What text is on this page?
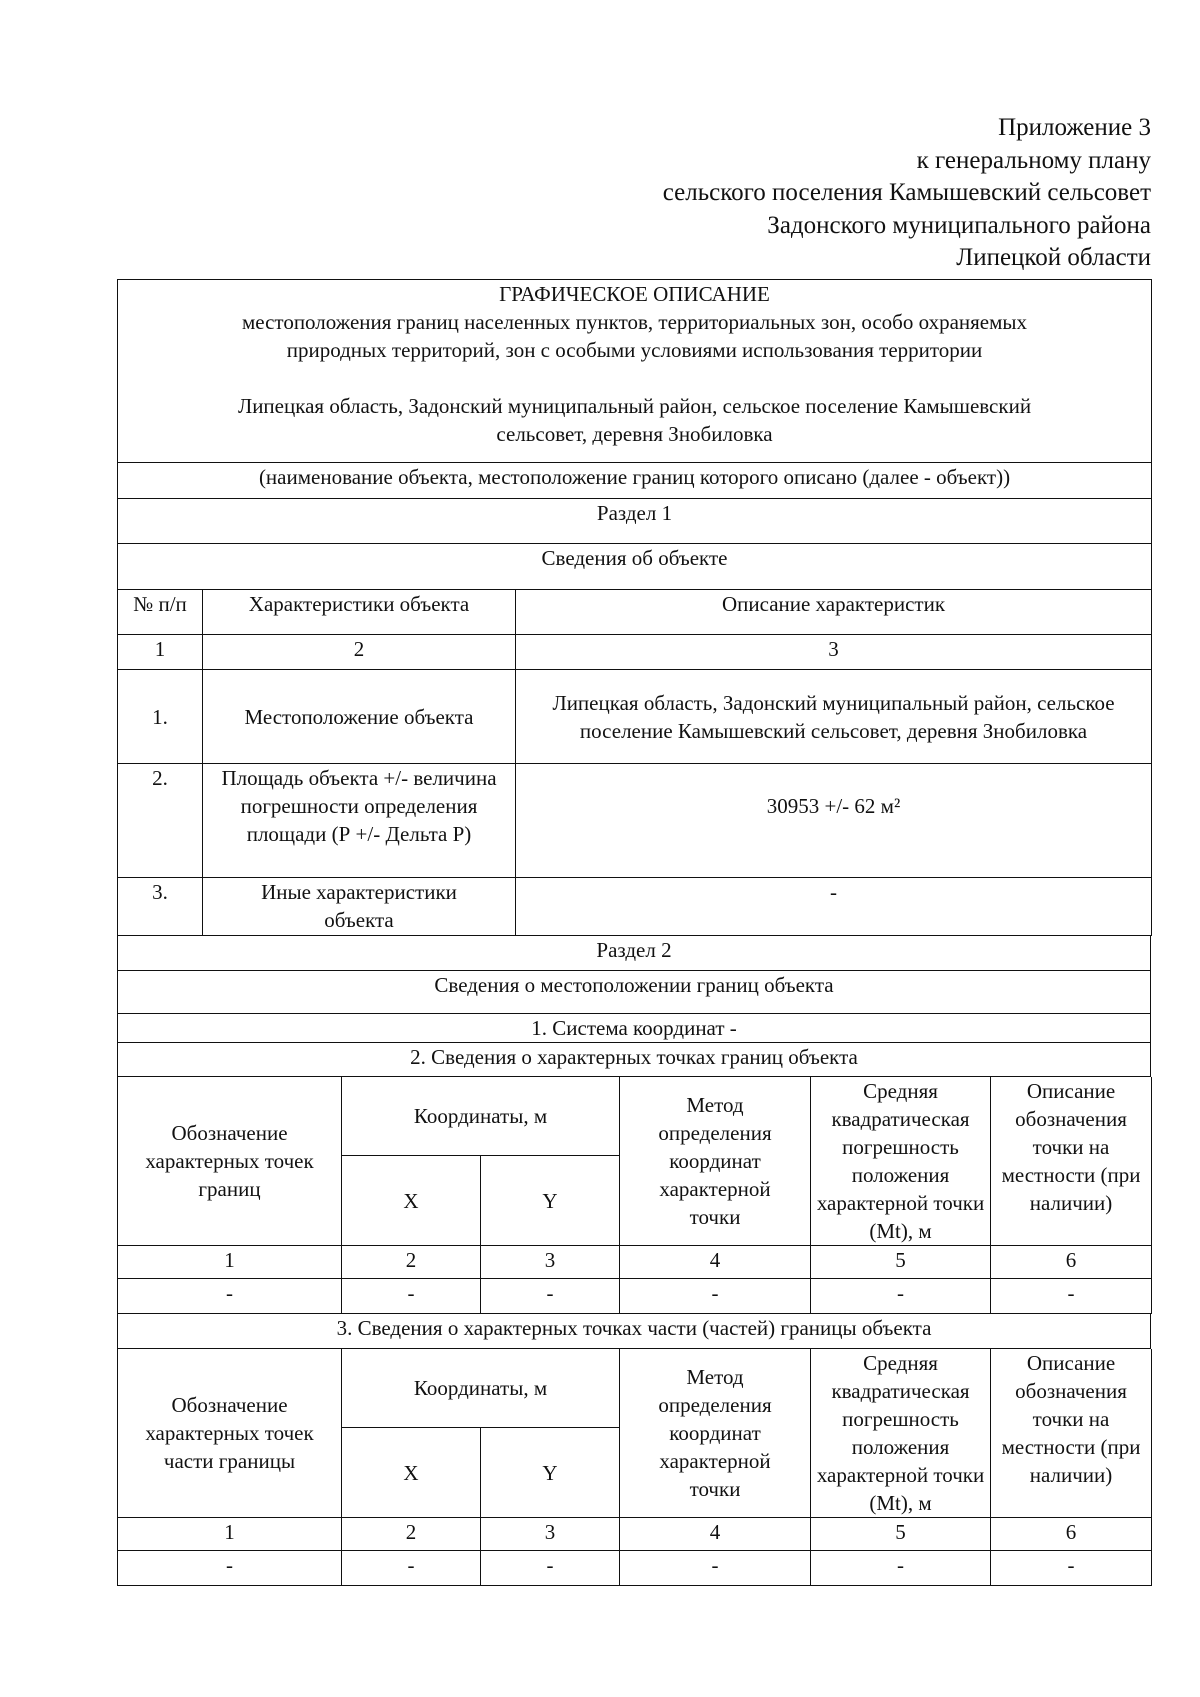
Приложение 3
к генеральному плану
сельского поселения Камышевский сельсовет
Задонского муниципального района
Липецкой области
ГРАФИЧЕСКОЕ ОПИСАНИЕ
местоположения границ населенных пунктов, территориальных зон, особо охраняемых
природных территорий, зон с особыми условиями использования территории
Липецкая область, Задонский муниципальный район, сельское поселение Камышевский
сельсовет, деревня Знобиловка		

(наименование объекта, местоположение границ которого описано (далее - объект))		
Раздел 1		
Сведения об объекте		
№ п/п	Характеристики объекта	Описание характеристик
1	2	3
1.	Местоположение объекта	Липецкая область, Задонский муниципальный район, сельское поселение Камышевский сельсовет, деревня Знобиловка
2.	Площадь объекта +/- величина погрешности определения площади (Р +/- Дельта Р)	30953 +/- 62 м²
3.	Иные характеристики объекта	-
Раздел 2
Сведения о местоположении границ объекта
1. Система координат -
2. Сведения о характерных точках границ объекта
Обозначение характерных точек границ	Координаты, м		Метод определения координат характерной точки	Средняя квадратическая погрешность положения характерной точки (Mt), м	Описание обозначения точки на местности (при наличии)
	X	Y			
1	2	3	4	5	6
-	-	-	-	-	-
3. Сведения о характерных точках части (частей) границы объекта
Обозначение характерных точек части границы	Координаты, м		Метод определения координат характерной точки	Средняя квадратическая погрешность положения характерной точки (Mt), м	Описание обозначения точки на местности (при наличии)
	X	Y			
1	2	3	4	5	6
-	-	-	-	-	-
